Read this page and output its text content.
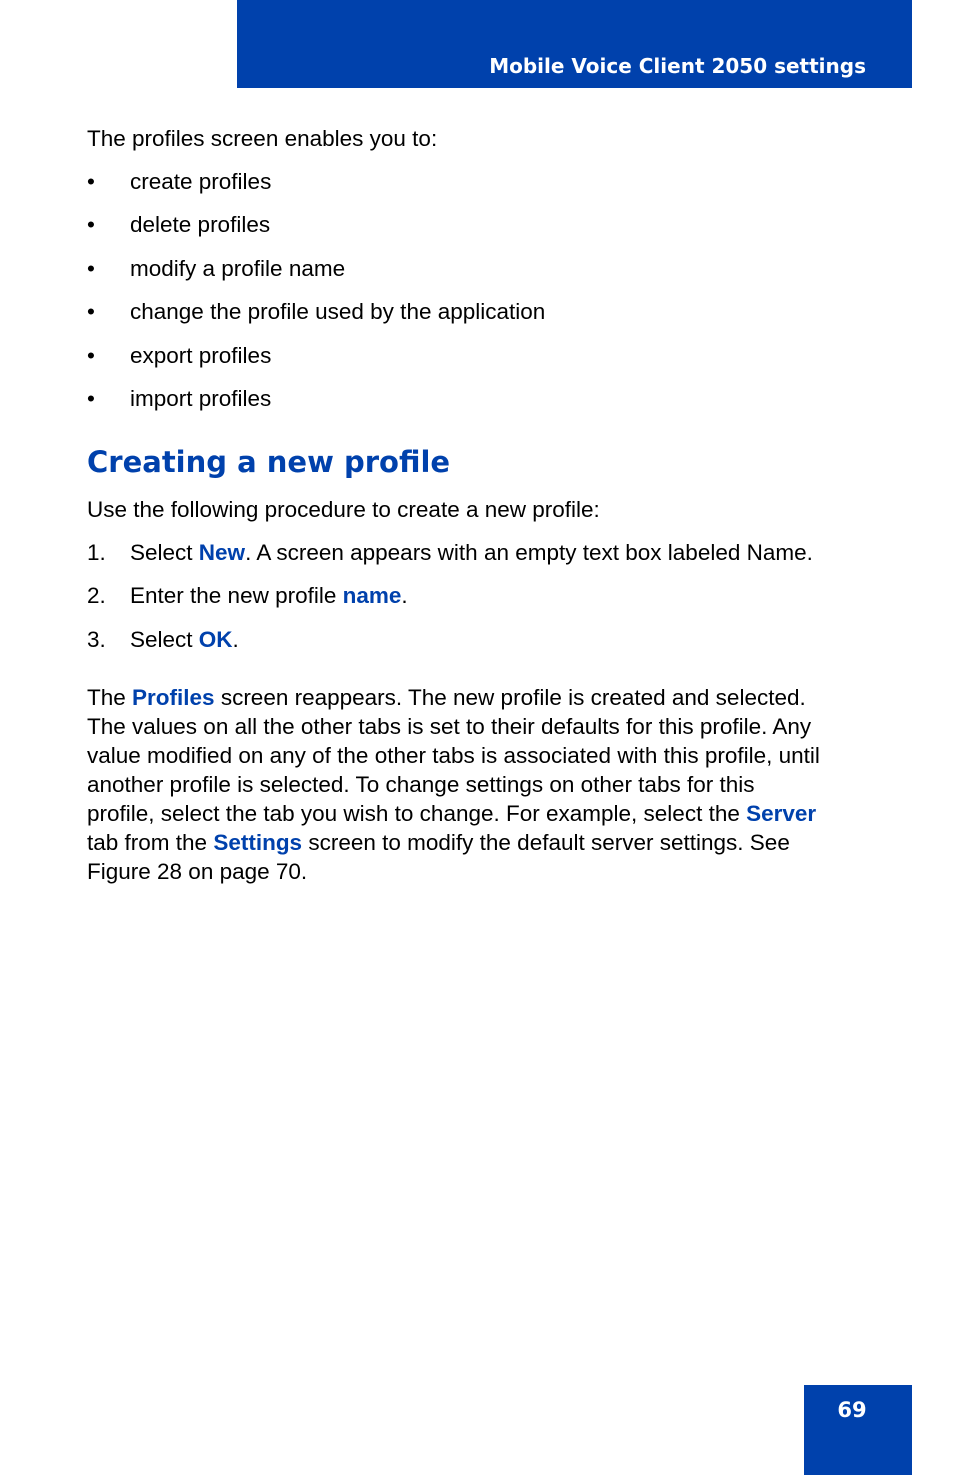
Mobile Voice Client 2050 settings
The profiles screen enables you to:
• create profiles
• delete profiles
• modify a profile name
• change the profile used by the application
• export profiles
• import profiles
Creating a new profile
Use the following procedure to create a new profile:
1. Select New. A screen appears with an empty text box labeled Name.
2. Enter the new profile name.
3. Select OK.

The Profiles screen reappears. The new profile is created and selected.
The values on all the other tabs is set to their defaults for this profile. Any
value modified on any of the other tabs is associated with this profile, until
another profile is selected. To change settings on other tabs for this
profile, select the tab you wish to change. For example, select the Server
tab from the Settings screen to modify the default server settings. See
Figure 28 on page 70.

69
